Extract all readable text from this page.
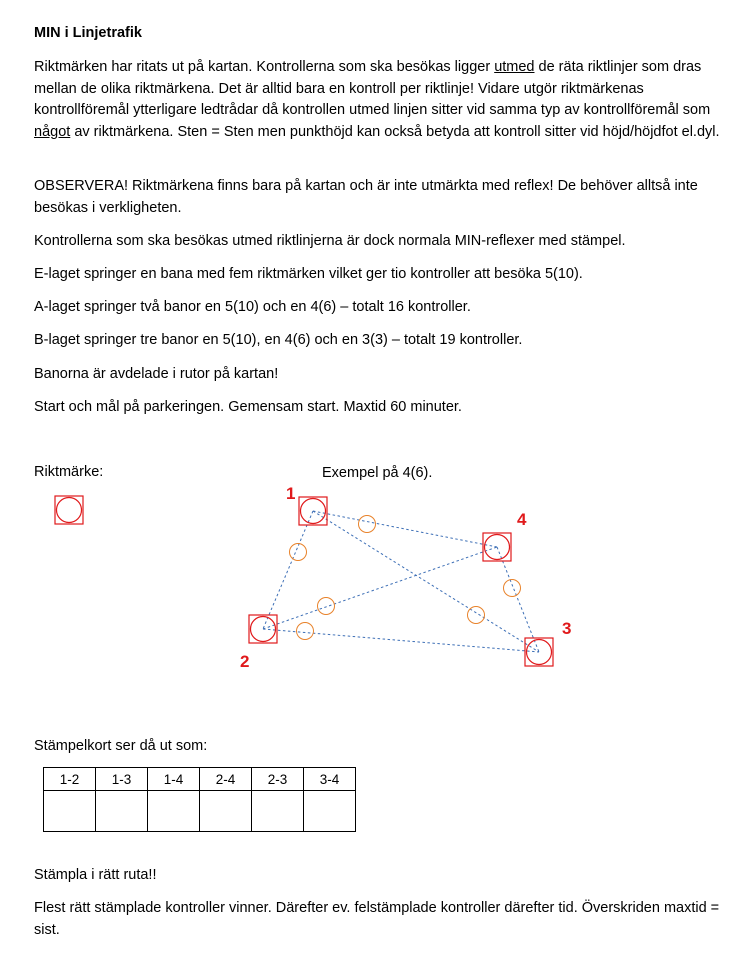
MIN i Linjetrafik

Riktmärken har ritats ut på kartan. Kontrollerna som ska besökas ligger utmed de räta riktlinjer som dras mellan de olika riktmärkena. Det är alltid bara en kontroll per riktlinje! Vidare utgör riktmärkenas kontrollföremål ytterligare ledtrådar då kontrollen utmed linjen sitter vid samma typ av kontrollföremål som något av riktmärkena. Sten = Sten men punkthöjd kan också betyda att kontroll sitter vid höjd/höjdfot el.dyl.

OBSERVERA! Riktmärkena finns bara på kartan och är inte utmärkta med reflex! De behöver alltså inte besökas i verkligheten.

Kontrollerna som ska besökas utmed riktlinjerna är dock normala MIN-reflexer med stämpel.

E-laget springer en bana med fem riktmärken vilket ger tio kontroller att besöka 5(10).

A-laget springer två banor en 5(10) och en 4(6) – totalt 16 kontroller.

B-laget springer tre banor en 5(10), en 4(6) och en 3(3) – totalt 19 kontroller.

Banorna är avdelade i rutor på kartan!

Start och mål på parkeringen. Gemensam start. Maxtid 60 minuter.

Riktmärke:	Exempel på 4(6).
1
2
3
4
Stämpelkort ser då ut som:
1-2	1-3	1-4	2-4	2-3	3-4

Stämpla i rätt ruta!!

Flest rätt stämplade kontroller vinner. Därefter ev. felstämplade kontroller därefter tid. Överskriden maxtid = sist.
